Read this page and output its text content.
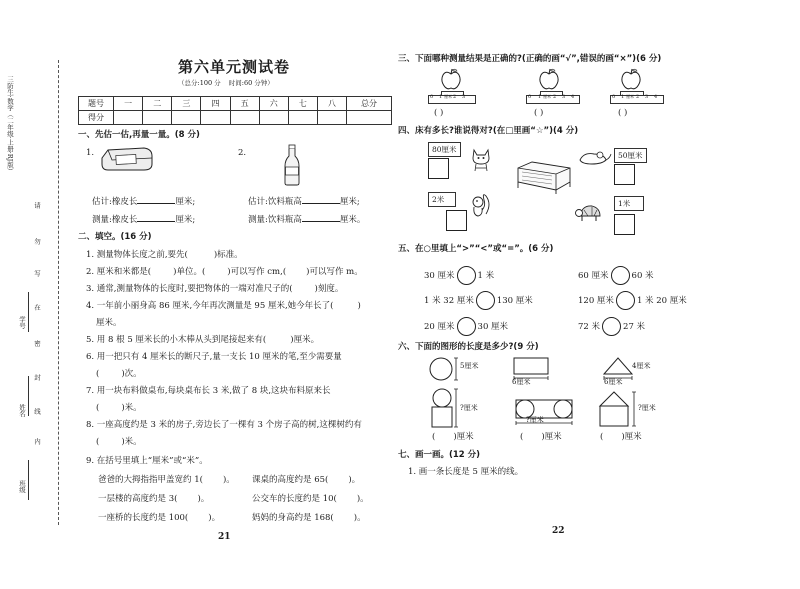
三防生·数学（二年级·上册·RJ版）
请
勿
写
在
密
封
线
内
学号
姓名
班级
第六单元测试卷
（总分:100 分 时间:60 分钟）
题号	一	二	三	四	五	六	七	八	总分
得分									
一、先估一估,再量一量。(8 分)
1.	2.
估计:橡皮长	厘米;	估计:饮料瓶高	厘米;
测量:橡皮长	厘米;	测量:饮料瓶高	厘米。
二、填空。(16 分)
1. 测量物体长度之前,要先(	)标准。
2. 厘米和米都是(	)单位。(	)可以写作 cm,( )可以写作 m。
3. 通常,测量物体的长度时,要把物体的一端对准尺子的(	)刻度。
4. 一年前小丽身高 86 厘米,今年再次测量是 95 厘米,她今年长了(	)
厘米。
5. 用 8 根 5 厘米长的小木棒从头到尾接起来有(	)厘米。
6. 用一把只有 4 厘米长的断尺子,量一支长 10 厘米的笔,至少需要量
(	)次。
7. 用一块布料做桌布,每块桌布长 3 米,做了 8 块,这块布料原来长
(	)米。
8. 一座高度约是 3 米的房子,旁边长了一棵有 3 个房子高的树,这棵树约有
(	)米。
9. 在括号里填上“厘米”或“米”。
爸爸的大拇指指甲盖宽约 1( )。 课桌的高度约是 65( )。
一层楼的高度约是 3( )。	公交车的长度约是 10( )。
一座桥的长度约是 100( )。	妈妈的身高约是 168( )。
21
三、下面哪种测量结果是正确的?(正确的画“√”,错误的画“×”)(6 分)
0 1 厘米 2 3
( )
0 1 厘米 2 3 4
( )
0 1 厘米 2 3 4
( )
四、床有多长?谁说得对?(在□里画“☆”)(4 分)
80厘米
50厘米
2米	1米
五、在○里填上“>”“<”或“=”。(6 分)
30 厘米	1 米	60 厘米	60 米
1 米 32 厘米	130 厘米	120 厘米	1 米 20 厘米
20 厘米	30 厘米	72 米	27 米
六、下面的图形的长度是多少?(9 分)
5厘米
6厘米
4厘米
6厘米
?厘米
?厘米
?厘米
( )厘米	( )厘米	( )厘米
七、画一画。(12 分)
1. 画一条长度是 5 厘米的线。
22
